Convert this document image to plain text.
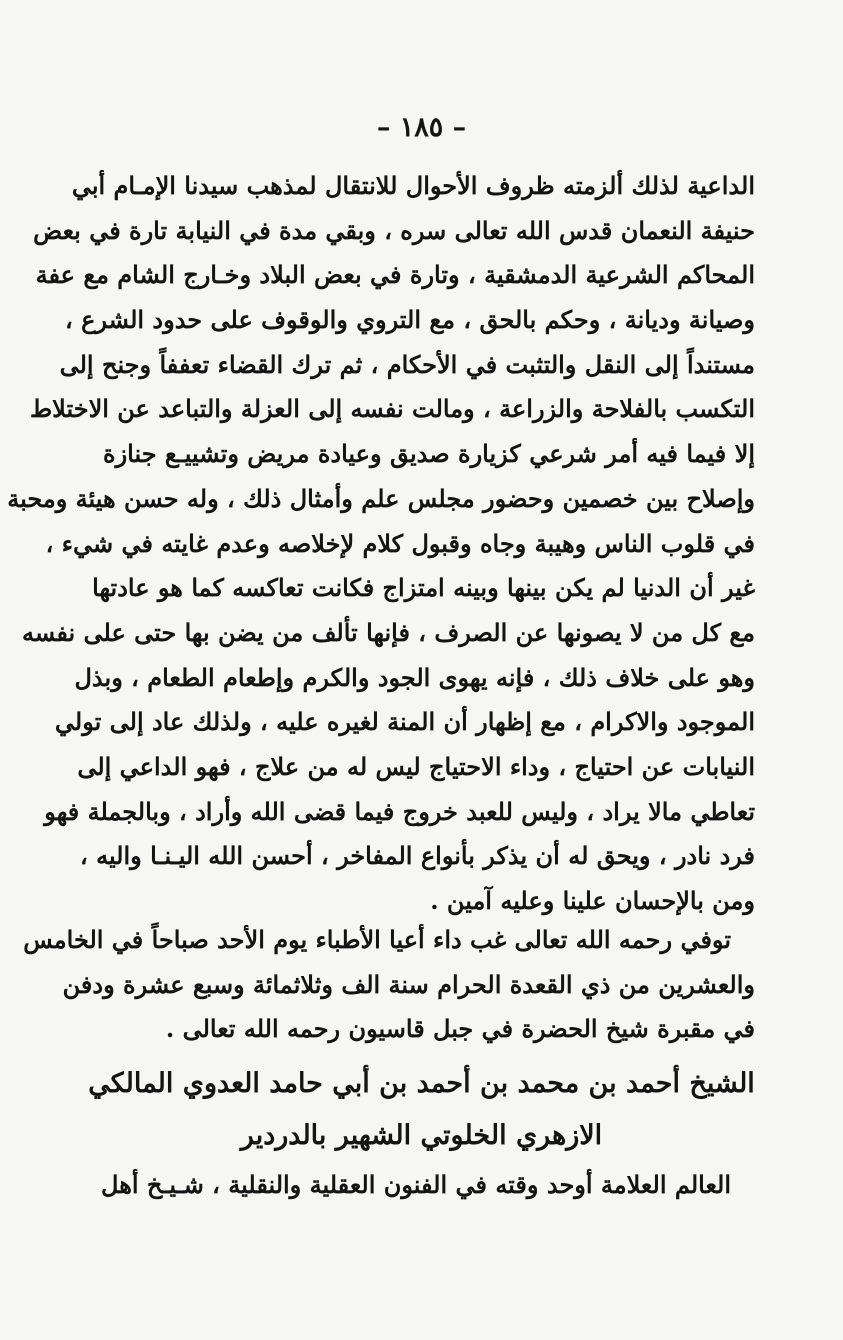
– ١٨٥ –
الداعية لذلك ألزمته ظروف الأحوال للانتقال لمذهب سيدنا الإمـام أبي
حنيفة النعمان قدس الله تعالى سره ، وبقي مدة في النيابة تارة في بعض
المحاكم الشرعية الدمشقية ، وتارة في بعض البلاد وخـارج الشام مع عفة
وصيانة وديانة ، وحكم بالحق ، مع التروي والوقوف على حدود الشرع ،
مستنداً إلى النقل والتثبت في الأحكام ، ثم ترك القضاء تعففاً وجنح إلى
التكسب بالفلاحة والزراعة ، ومالت نفسه إلى العزلة والتباعد عن الاختلاط
إلا فيما فيه أمر شرعي كزيارة صديق وعيادة مريض وتشييـع جنازة
وإصلاح بين خصمين وحضور مجلس علم وأمثال ذلك ، وله حسن هيئة ومحبة
في قلوب الناس وهيبة وجاه وقبول كلام لإخلاصه وعدم غايته في شيء ،
غير أن الدنيا لم يكن بينها وبينه امتزاج فكانت تعاكسه كما هو عادتها
مع كل من لا يصونها عن الصرف ، فإنها تألف من يضن بها حتى على نفسه
وهو على خلاف ذلك ، فإنه يهوى الجود والكرم وإطعام الطعام ، وبذل
الموجود والاكرام ، مع إظهار أن المنة لغيره عليه ، ولذلك عاد إلى تولي
النيابات عن احتياج ، وداء الاحتياج ليس له من علاج ، فهو الداعي إلى
تعاطي مالا يراد ، وليس للعبد خروج فيما قضى الله وأراد ، وبالجملة فهو
فرد نادر ، ويحق له أن يذكر بأنواع المفاخر ، أحسن الله اليـنـا واليه ،
ومن بالإحسان علينا وعليه آمين .
توفي رحمه الله تعالى غب داء أعيا الأطباء يوم الأحد صباحاً في الخامس
والعشرين من ذي القعدة الحرام سنة الف وثلاثمائة وسبع عشرة ودفن
في مقبرة شيخ الحضرة في جبل قاسيون رحمه الله تعالى .
الشيخ أحمد بن محمد بن أحمد بن أبي حامد العدوي المالكي
الازهري الخلوتي الشهير بالدردير
العالم العلامة أوحد وقته في الفنون العقلية والنقلية ، شـيـخ أهل
